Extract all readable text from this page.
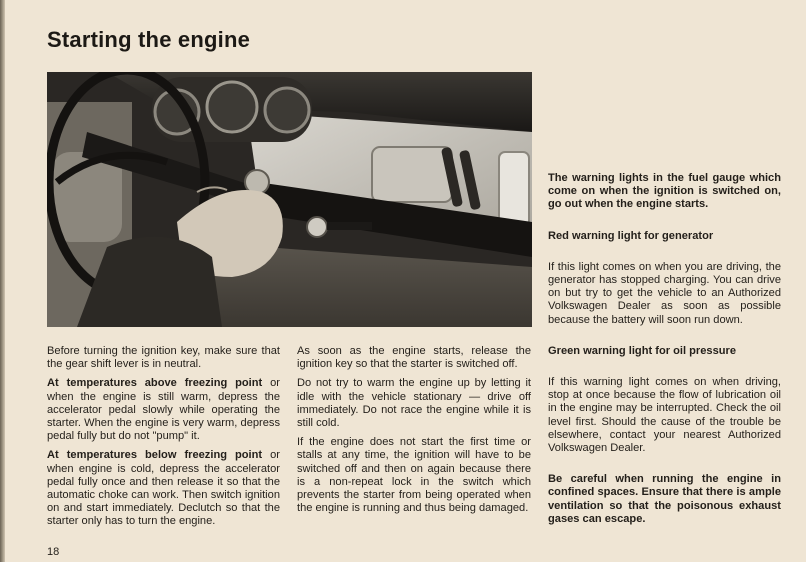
Starting the engine

Before turning the ignition key, make sure that the gear shift lever is in neutral.

At temperatures above freezing point or when the engine is still warm, depress the accelerator pedal slowly while operating the starter. When the engine is very warm, depress pedal fully but do not "pump" it.

At temperatures below freezing point or when engine is cold, depress the accelerator pedal fully once and then release it so that the automatic choke can work. Then switch ignition on and start immediately. Declutch so that the starter only has to turn the engine.

As soon as the engine starts, release the ignition key so that the starter is switched off.

Do not try to warm the engine up by letting it idle with the vehicle stationary — drive off immediately. Do not race the engine while it is still cold.

If the engine does not start the first time or stalls at any time, the ignition will have to be switched off and then on again because there is a non-repeat lock in the switch which prevents the starter from being operated when the engine is running and thus being damaged.

The warning lights in the fuel gauge which come on when the ignition is switched on, go out when the engine starts.

Red warning light for generator

If this light comes on when you are driving, the generator has stopped charging. You can drive on but try to get the vehicle to an Authorized Volkswagen Dealer as soon as possible because the battery will soon run down.

Green warning light for oil pressure

If this warning light comes on when driving, stop at once because the flow of lubrication oil in the engine may be interrupted. Check the oil level first. Should the cause of the trouble be elsewhere, contact your nearest Authorized Volkswagen Dealer.

Be careful when running the engine in confined spaces. Ensure that there is ample ventilation so that the poisonous exhaust gases can escape.

18
